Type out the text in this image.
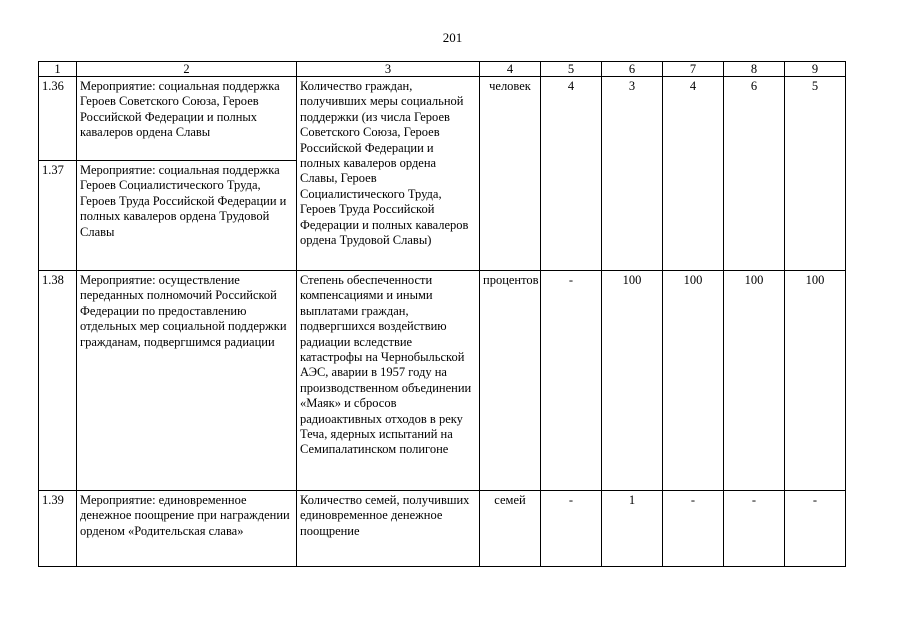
201
1	2	3	4	5	6	7	8	9
1.36	Мероприятие: социальная поддержка Героев Советского Союза, Героев Российской Федерации и полных кавалеров ордена Славы	Количество граждан, получивших меры социальной поддержки (из числа Героев Советского Союза, Героев Российской Федерации и полных кавалеров ордена Славы, Героев Социалистического Труда, Героев Труда Российской Федерации и полных кавалеров ордена Трудовой Славы)	человек	4	3	4	6	5
1.37	Мероприятие: социальная поддержка Героев Социалистического Труда, Героев Труда Российской Федерации и полных кавалеров ордена Трудовой Славы							
1.38	Мероприятие: осуществление переданных полномочий Российской Федерации по предоставлению отдельных мер социальной поддержки гражданам, подвергшимся радиации	Степень обеспеченности компенсациями и иными выплатами граждан, подвергшихся воздействию радиации вследствие катастрофы на Чернобыльской АЭС, аварии в 1957 году на производственном объединении «Маяк» и сбросов радиоактивных отходов в реку Теча, ядерных испытаний на Семипалатинском полигоне	процентов	-	100	100	100	100
1.39	Мероприятие: единовременное денежное поощрение при награждении орденом «Родительская слава»	Количество семей, получивших единовременное денежное поощрение	семей	-	1	-	-	-
